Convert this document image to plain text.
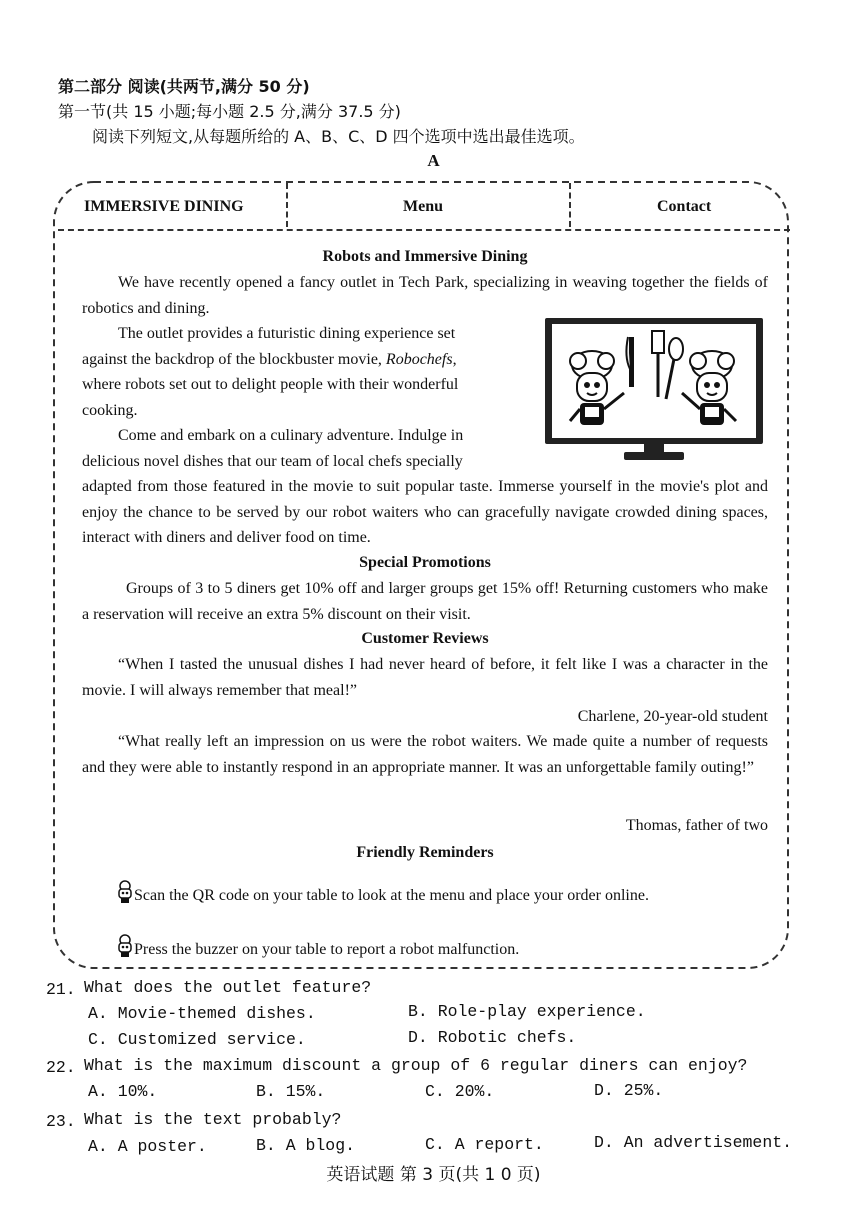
第二部分 阅读(共两节,满分 50 分)
第一节(共 15 小题;每小题 2.5 分,满分 37.5 分)
阅读下列短文,从每题所给的 A、B、C、D 四个选项中选出最佳选项。
A
IMMERSIVE DINING	Menu	Contact
Robots and Immersive Dining
We have recently opened a fancy outlet in Tech Park, specializing in weaving together the fields of robotics and dining.
The outlet provides a futuristic dining experience set
against the backdrop of the blockbuster movie, Robochefs,
where robots set out to delight people with their wonderful
cooking.
Come and embark on a culinary adventure. Indulge in
delicious novel dishes that our team of local chefs specially
adapted from those featured in the movie to suit popular taste. Immerse yourself in the movie's plot and enjoy the chance to be served by our robot waiters who can gracefully navigate crowded dining spaces, interact with diners and deliver food on time.
Special Promotions
Groups of 3 to 5 diners get 10% off and larger groups get 15% off! Returning customers who make a reservation will receive an extra 5% discount on their visit.
Customer Reviews
“When I tasted the unusual dishes I had never heard of before, it felt like I was a character in the movie. I will always remember that meal!”
Charlene, 20-year-old student
“What really left an impression on us were the robot waiters. We made quite a number of requests and they were able to instantly respond in an appropriate manner. It was an unforgettable family outing!”
Thomas, father of two
Friendly Reminders
Scan the QR code on your table to look at the menu and place your order online.
Press the buzzer on your table to report a robot malfunction.
21. What does the outlet feature?
A. Movie-themed dishes.	B. Role-play experience.
C. Customized service.	D. Robotic chefs.
22. What is the maximum discount a group of 6 regular diners can enjoy?
A. 10%.	B. 15%.	C. 20%.	D. 25%.
23. What is the text probably?
A. A poster.	B. A blog.	C. A report.	D. An advertisement.
英语试题 第 3 页(共 1 0 页)
